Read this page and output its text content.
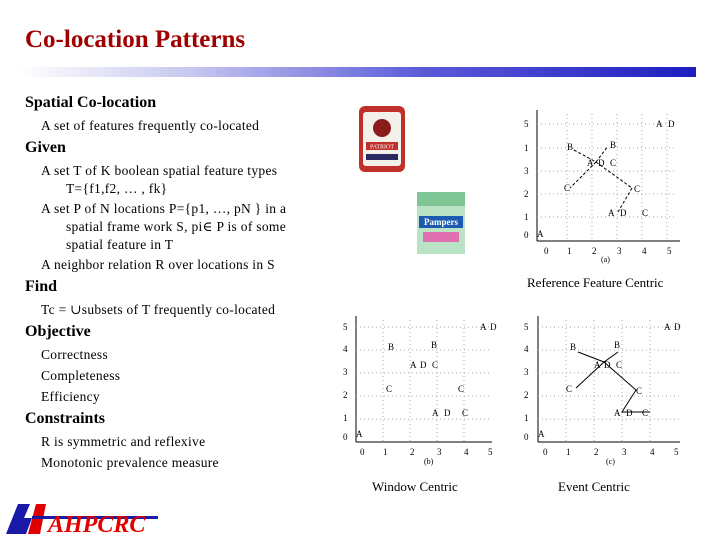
Co-location Patterns
Spatial Co-location
A set of features frequently co-located
Given
A set T of K boolean spatial feature types
T={f1,f2, … , fk}
A set P of N locations P={p1, …, pN } in a
spatial frame work S, pi∈ P is of some
spatial feature in T
A neighbor relation R over locations in S
Find
Tc = ∪subsets of T frequently co-located
Objective
Correctness
Completeness
Efficiency
Constraints
R is symmetric and reflexive
Monotonic prevalence measure
PATRIOT
Pampers
5
1
3
2
1
0
0 1 2 3 4 5
(a)
A D
B	B
A D C
C	C
A D C
A
5
4
3
2
1
0
0 1	2	3	4 5
(b)
A D
B	B
A D C
C	C
A D C
A
5
4
3
2
1
0
0 1	2	3	4 5
(c)
A D
B	B
A D C
C	C
A D C
A
Reference Feature Centric
Window Centric	Event Centric
AHPCRC
